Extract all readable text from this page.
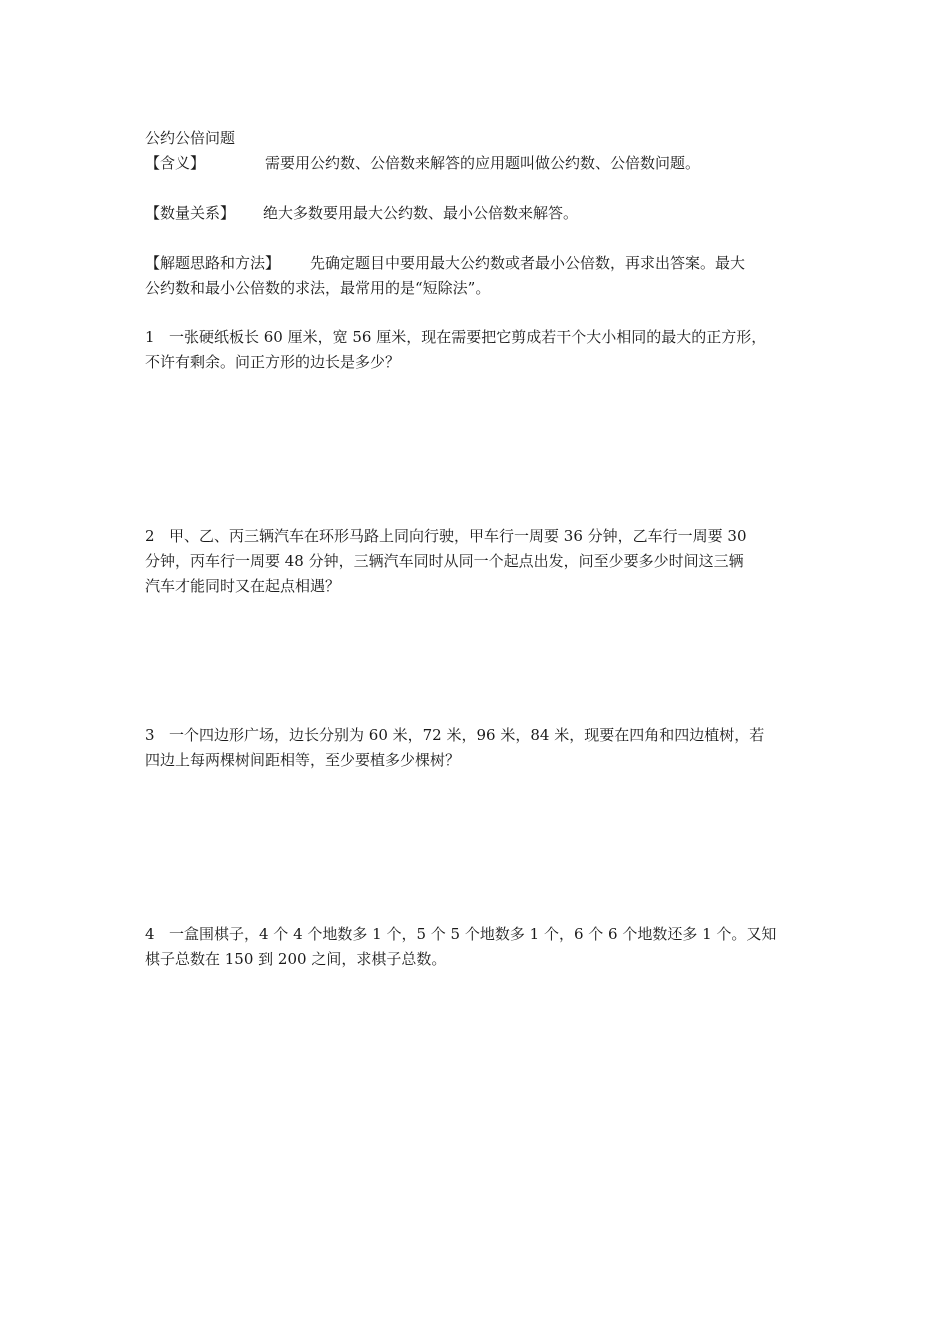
公约公倍问题
【含义】	需要用公约数、公倍数来解答的应用题叫做公约数、公倍数问题。
【数量关系】 绝大多数要用最大公约数、最小公倍数来解答。
【解题思路和方法】 先确定题目中要用最大公约数或者最小公倍数，再求出答案。最大
公约数和最小公倍数的求法，最常用的是“短除法”。
1 一张硬纸板长 60 厘米，宽 56 厘米，现在需要把它剪成若干个大小相同的最大的正方形，
不许有剩余。问正方形的边长是多少？
2 甲、乙、丙三辆汽车在环形马路上同向行驶，甲车行一周要 36 分钟，乙车行一周要 30
分钟，丙车行一周要 48 分钟，三辆汽车同时从同一个起点出发，问至少要多少时间这三辆
汽车才能同时又在起点相遇？
3 一个四边形广场，边长分别为 60 米，72 米，96 米，84 米，现要在四角和四边植树，若
四边上每两棵树间距相等，至少要植多少棵树？
4 一盒围棋子，4 个 4 个地数多 1 个，5 个 5 个地数多 1 个，6 个 6 个地数还多 1 个。又知
棋子总数在 150 到 200 之间，求棋子总数。
